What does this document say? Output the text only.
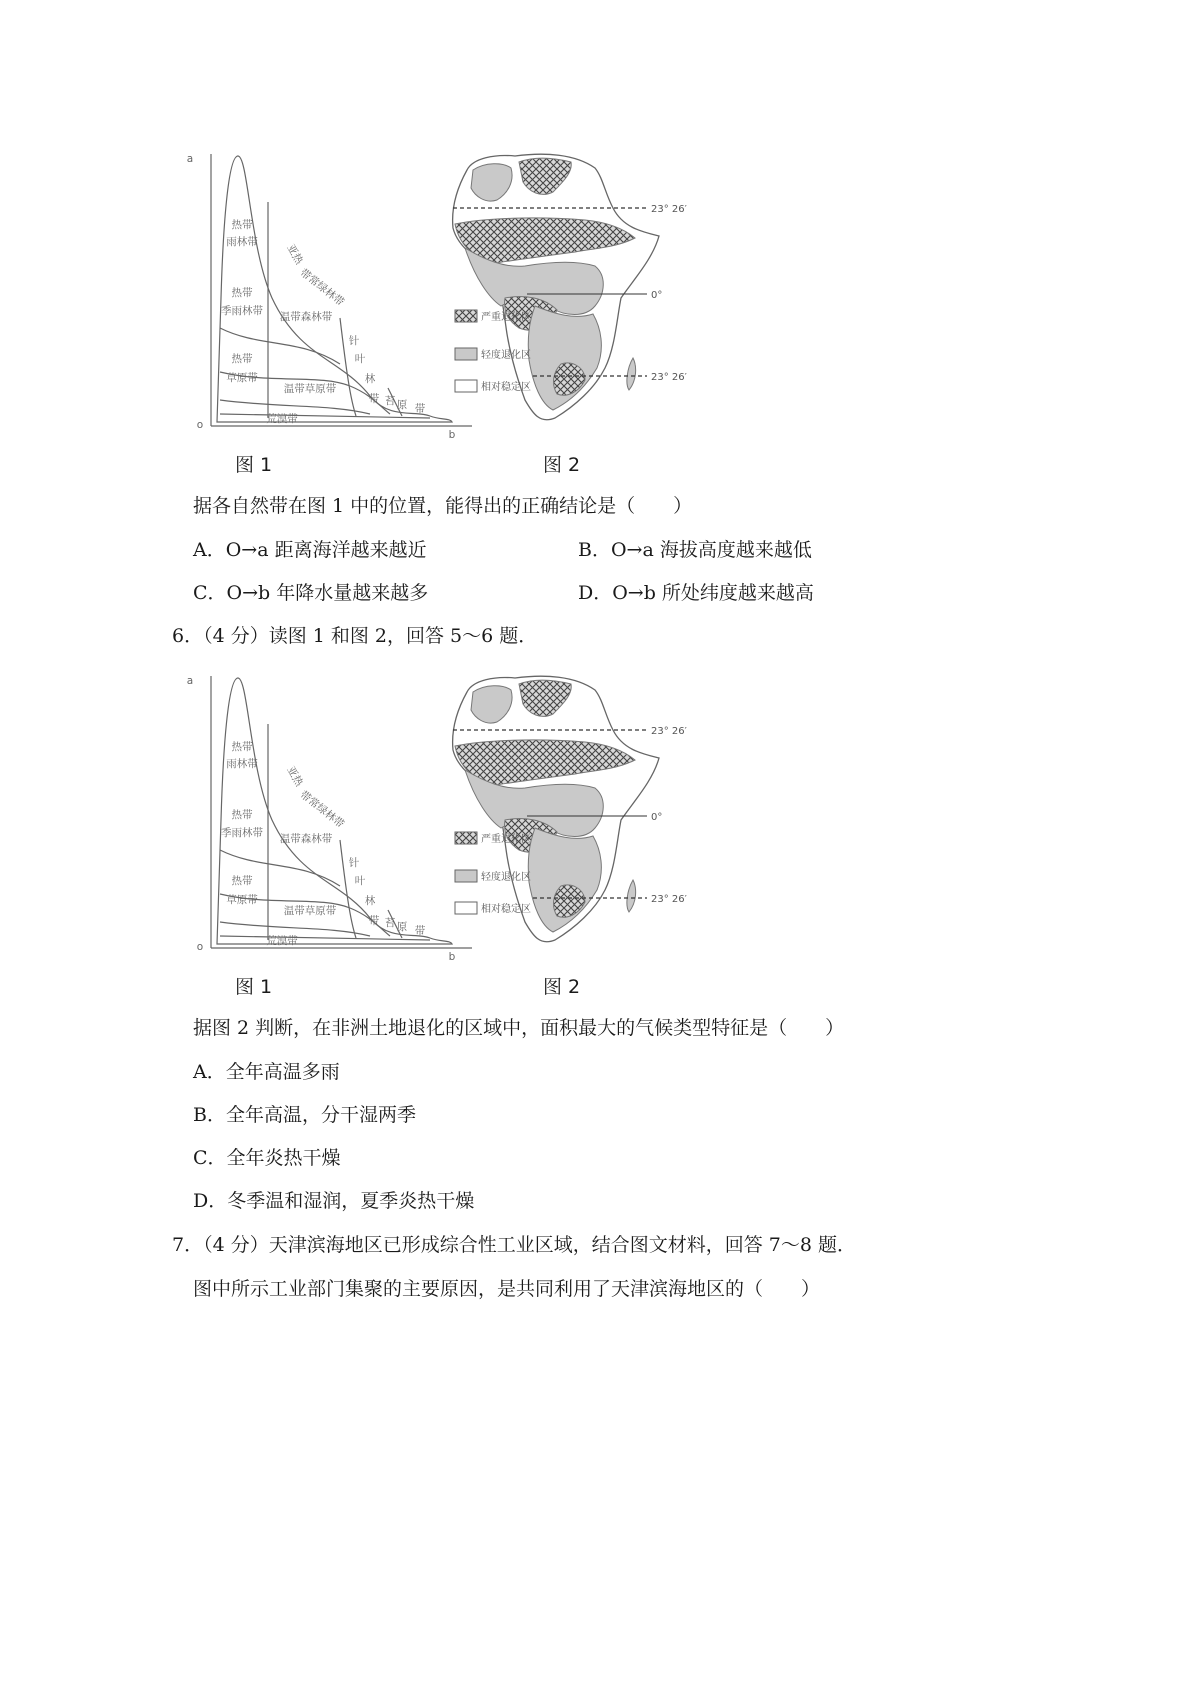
a
o
b
热带
雨林带
亚热
带常绿林带
热带
季雨林带 温带森林带
针
叶
林
带
热带
草原带
温带草原带
苔 原 带
荒漠带
图 1
23° 26′
0°
23° 26′
严重退化区
轻度退化区
相对稳定区
图 2
据各自然带在图 1 中的位置，能得出的正确结论是（　　）
A．O→a 距离海洋越来越近	B．O→a 海拔高度越来越低
C．O→b 年降水量越来越多	D．O→b 所处纬度越来越高
6．（4 分）读图 1 和图 2，回答 5～6 题．
a
o
b
热带
雨林带
亚热
带常绿林带
热带
季雨林带 温带森林带
针
叶
林
带
热带
草原带
温带草原带
苔 原 带
荒漠带
图 1
23° 26′
0°
23° 26′
严重退化区
轻度退化区
相对稳定区
图 2
据图 2 判断，在非洲土地退化的区域中，面积最大的气候类型特征是（　　）
A．全年高温多雨
B．全年高温，分干湿两季
C．全年炎热干燥
D．冬季温和湿润，夏季炎热干燥
7．（4 分）天津滨海地区已形成综合性工业区域，结合图文材料，回答 7～8 题．
图中所示工业部门集聚的主要原因，是共同利用了天津滨海地区的（　　）
